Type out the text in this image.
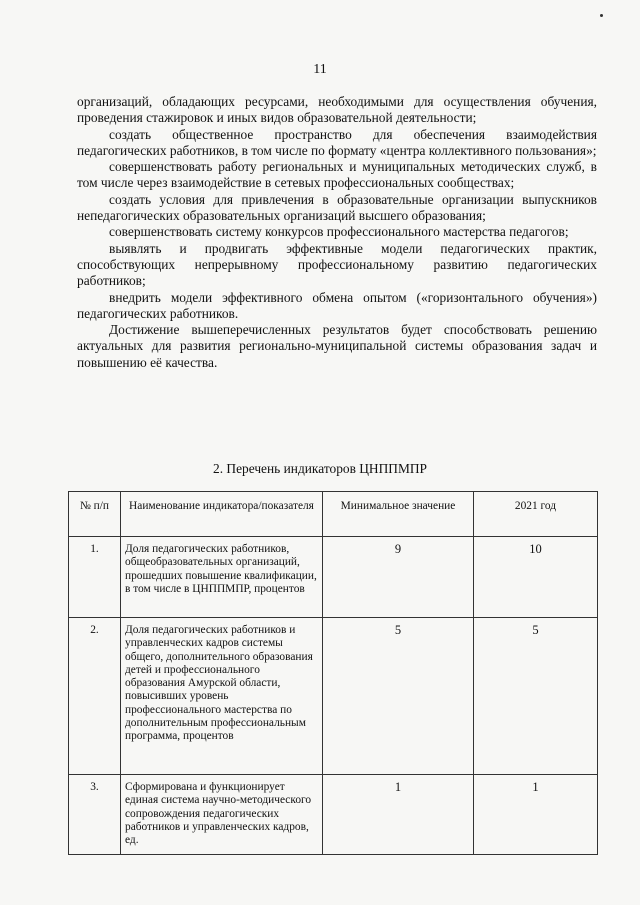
11

организаций, обладающих ресурсами, необходимыми для осуществления обучения, проведения стажировок и иных видов образовательной деятельности;

создать общественное пространство для обеспечения взаимодействия педагогических работников, в том числе по формату «центра коллективного пользования»;

совершенствовать работу региональных и муниципальных методических служб, в том числе через взаимодействие в сетевых профессиональных сообществах;

создать условия для привлечения в образовательные организации выпускников непедагогических образовательных организаций высшего образования;

совершенствовать систему конкурсов профессионального мастерства педагогов;

выявлять и продвигать эффективные модели педагогических практик, способствующих непрерывному профессиональному развитию педагогических работников;

внедрить модели эффективного обмена опытом («горизонтального обучения») педагогических работников.

Достижение вышеперечисленных результатов будет способствовать решению актуальных для развития регионально-муниципальной системы образования задач и повышению её качества.

2. Перечень индикаторов ЦНППМПР
№ п/п	Наименование индикатора/показателя	Минимальное значение	2021 год
1.	Доля педагогических работников, общеобразовательных организаций, прошедших повышение квалификации, в том числе в ЦНППМПР, процентов	9	10
2.	Доля педагогических работников и управленческих кадров системы общего, дополнительного образования детей и профессионального образования Амурской области, повысивших уровень профессионального мастерства по дополнительным профессиональным программа, процентов	5	5
3.	Сформирована и функционирует единая система научно-методического сопровождения педагогических работников и управленческих кадров, ед.	1	1
